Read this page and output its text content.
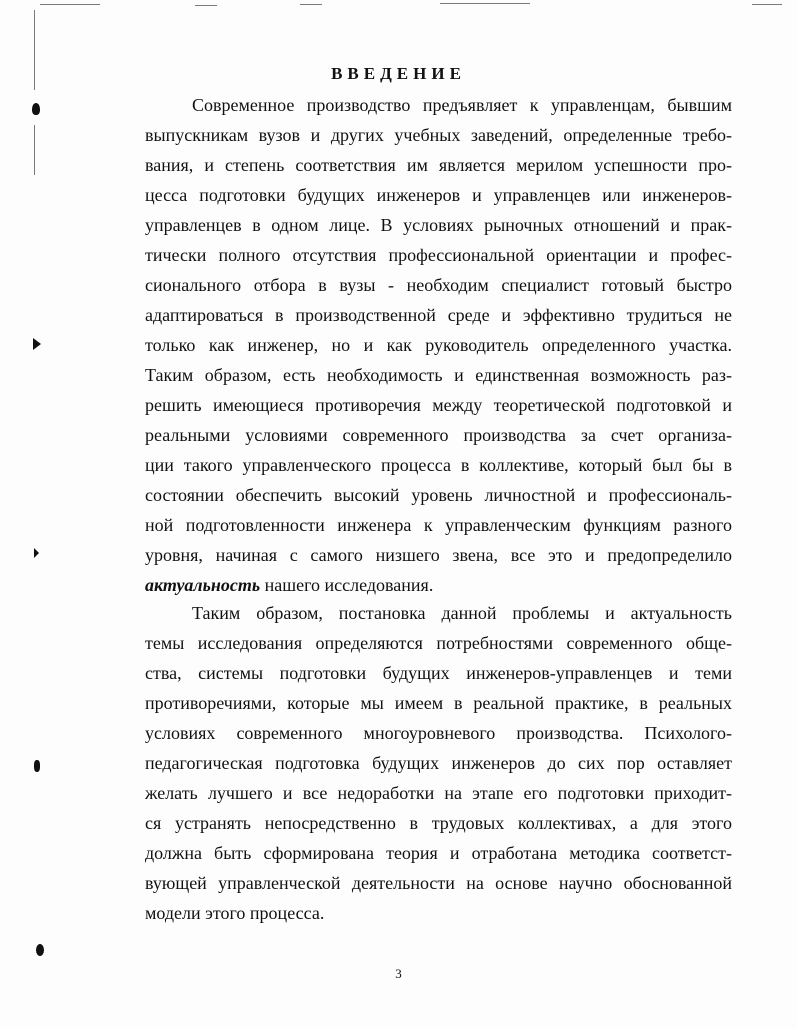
ВВЕДЕНИЕ
Современное производство предъявляет к управленцам, бывшим
выпускникам вузов и других учебных заведений, определенные требо-
вания, и степень соответствия им является мерилом успешности про-
цесса подготовки будущих инженеров и управленцев или инженеров-
управленцев в одном лице. В условиях рыночных отношений и прак-
тически полного отсутствия профессиональной ориентации и профес-
сионального отбора в вузы - необходим специалист готовый быстро
адаптироваться в производственной среде и эффективно трудиться не
только как инженер, но и как руководитель определенного участка.
Таким образом, есть необходимость и единственная возможность раз-
решить имеющиеся противоречия между теоретической подготовкой и
реальными условиями современного производства за счет организа-
ции такого управленческого процесса в коллективе, который был бы в
состоянии обеспечить высокий уровень личностной и профессиональ-
ной подготовленности инженера к управленческим функциям разного
уровня, начиная с самого низшего звена, все это и предопределило
актуальность нашего исследования.
Таким образом, постановка данной проблемы и актуальность
темы исследования определяются потребностями современного обще-
ства, системы подготовки будущих инженеров-управленцев и теми
противоречиями, которые мы имеем в реальной практике, в реальных
условиях современного многоуровневого производства. Психолого-
педагогическая подготовка будущих инженеров до сих пор оставляет
желать лучшего и все недоработки на этапе его подготовки приходит-
ся устранять непосредственно в трудовых коллективах, а для этого
должна быть сформирована теория и отработана методика соответст-
вующей управленческой деятельности на основе научно обоснованной
модели этого процесса.
3
